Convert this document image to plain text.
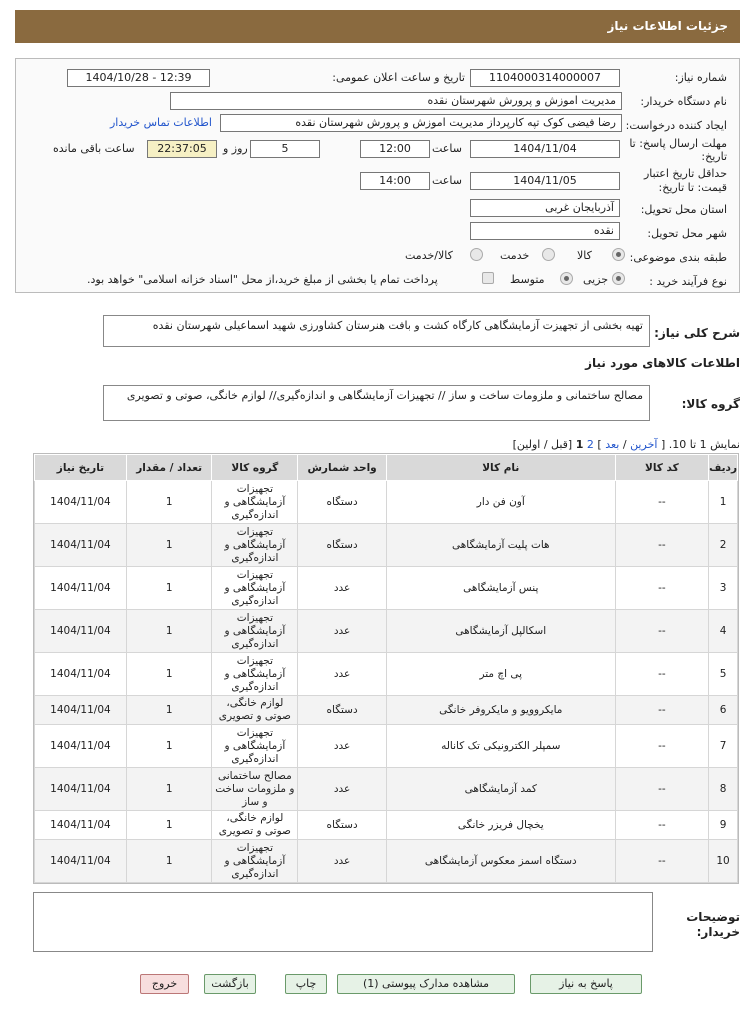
جزئیات اطلاعات نیاز
شماره نیاز:
1104000314000007
تاریخ و ساعت اعلان عمومی:
1404/10/28 - 12:39
نام دستگاه خریدار:
مدیریت اموزش و پرورش شهرستان نقده
ایجاد کننده درخواست:
رضا فیضی کوک تپه کارپرداز مدیریت اموزش و پرورش شهرستان نقده
اطلاعات تماس خریدار
مهلت ارسال پاسخ: تا
تاریخ:
1404/11/04
ساعت
12:00
5
روز و
22:37:05
ساعت باقی مانده
حداقل تاریخ اعتبار
قیمت: تا تاریخ:
1404/11/05
ساعت
14:00
استان محل تحویل:
آذربایجان غربی
شهر محل تحویل:
نقده
طبقه بندی موضوعی:
کالا
خدمت
کالا/خدمت
نوع فرآیند خرید :
جزیی
متوسط
پرداخت تمام یا بخشی از مبلغ خرید،از محل "اسناد خزانه اسلامی" خواهد بود.
شرح کلی نیاز:
تهیه بخشی از تجهیزت آزمایشگاهی کارگاه کشت و بافت هنرستان کشاورزی شهید اسماعیلی شهرستان نقده
اطلاعات کالاهای مورد نیاز
گروه کالا:
مصالح ساختمانی و ملزومات ساخت و ساز // تجهیزات آزمایشگاهی و اندازه‌گیری// لوازم خانگی، صوتی و تصویری
نمایش 1 تا 10. [ آخرین / بعد ] 2 1 [قبل / اولین]
ردیف	کد کالا	نام کالا	واحد شمارش	گروه کالا	تعداد / مقدار	تاریخ نیاز
1	--	آون فن دار	دستگاه	تجهیزات آزمایشگاهی و اندازه‌گیری	1	1404/11/04
2	--	هات پلیت آزمایشگاهی	دستگاه	تجهیزات آزمایشگاهی و اندازه‌گیری	1	1404/11/04
3	--	پنس آزمایشگاهی	عدد	تجهیزات آزمایشگاهی و اندازه‌گیری	1	1404/11/04
4	--	اسکالپل آزمایشگاهی	عدد	تجهیزات آزمایشگاهی و اندازه‌گیری	1	1404/11/04
5	--	پی اچ متر	عدد	تجهیزات آزمایشگاهی و اندازه‌گیری	1	1404/11/04
6	--	مایکروویو و مایکروفر خانگی	دستگاه	لوازم خانگی، صوتی و تصویری	1	1404/11/04
7	--	سمپلر الکترونیکی تک کاناله	عدد	تجهیزات آزمایشگاهی و اندازه‌گیری	1	1404/11/04
8	--	کمد آزمایشگاهی	عدد	مصالح ساختمانی و ملزومات ساخت و ساز	1	1404/11/04
9	--	یخچال فریزر خانگی	دستگاه	لوازم خانگی، صوتی و تصویری	1	1404/11/04
10	--	دستگاه اسمز معکوس آزمایشگاهی	عدد	تجهیزات آزمایشگاهی و اندازه‌گیری	1	1404/11/04
توضیحات
خریدار:
پاسخ به نیاز
مشاهده مدارک پیوستی (1)
چاپ
بازگشت
خروج
